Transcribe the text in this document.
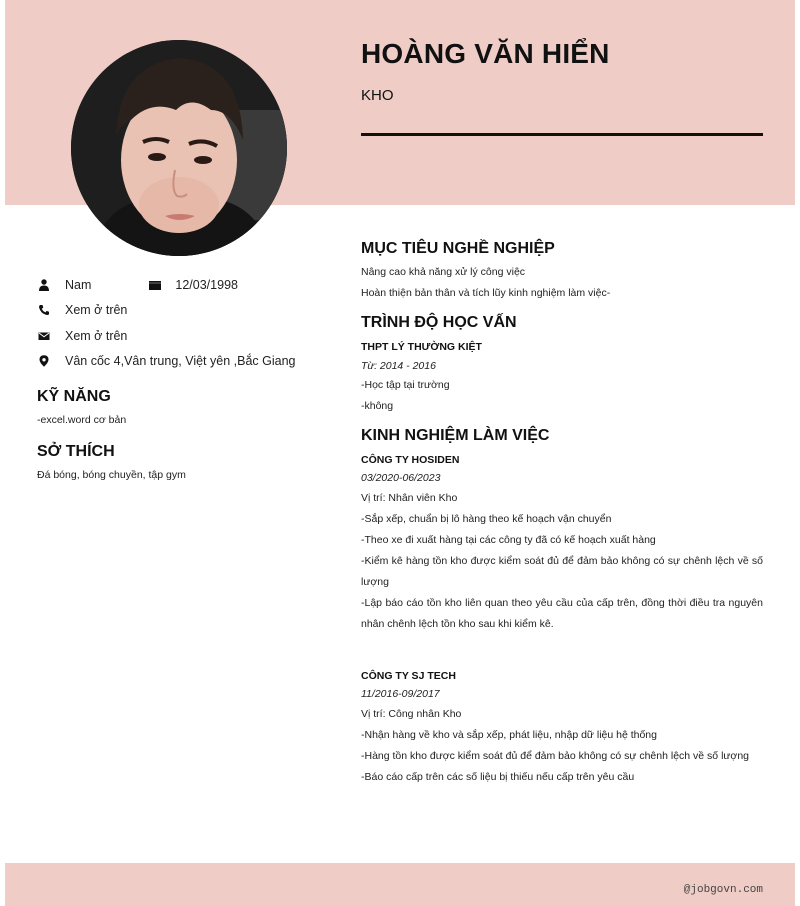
HOÀNG VĂN HIỂN
KHO
Nam	12/03/1998
Xem ở trên
Xem ở trên
Vân cốc 4,Vân trung, Việt yên ,Bắc Giang
KỸ NĂNG
-excel.word cơ bản
SỞ THÍCH
Đá bóng, bóng chuyền, tập gym
MỤC TIÊU NGHỀ NGHIỆP
Nâng cao khả năng xử lý công việc
Hoàn thiện bản thân và tích lũy kinh nghiệm làm việc-
TRÌNH ĐỘ HỌC VẤN
THPT LÝ THƯỜNG KIỆT
Từ: 2014 - 2016
-Học tập tại trường
-không
KINH NGHIỆM LÀM VIỆC
CÔNG TY HOSIDEN
03/2020-06/2023
Vị trí: Nhân viên Kho
-Sắp xếp, chuẩn bị lô hàng theo kế hoạch vận chuyển
-Theo xe đi xuất hàng tại các công ty đã có kế hoạch xuất hàng
-Kiểm kê hàng tồn kho được kiểm soát đủ để đảm bảo không có sự chênh lệch về số lượng
-Lập báo cáo tồn kho liên quan theo yêu cầu của cấp trên, đồng thời điều tra nguyên nhân chênh lệch tồn kho sau khi kiểm kê.
CÔNG TY SJ TECH
11/2016-09/2017
Vị trí: Công nhân Kho
-Nhận hàng về kho và sắp xếp, phát liệu, nhập dữ liệu hệ thống
-Hàng tồn kho được kiểm soát đủ để đảm bảo không có sự chênh lệch về số lượng
-Báo cáo cấp trên các số liệu bị thiếu nếu cấp trên yêu cầu
@jobgovn.com
